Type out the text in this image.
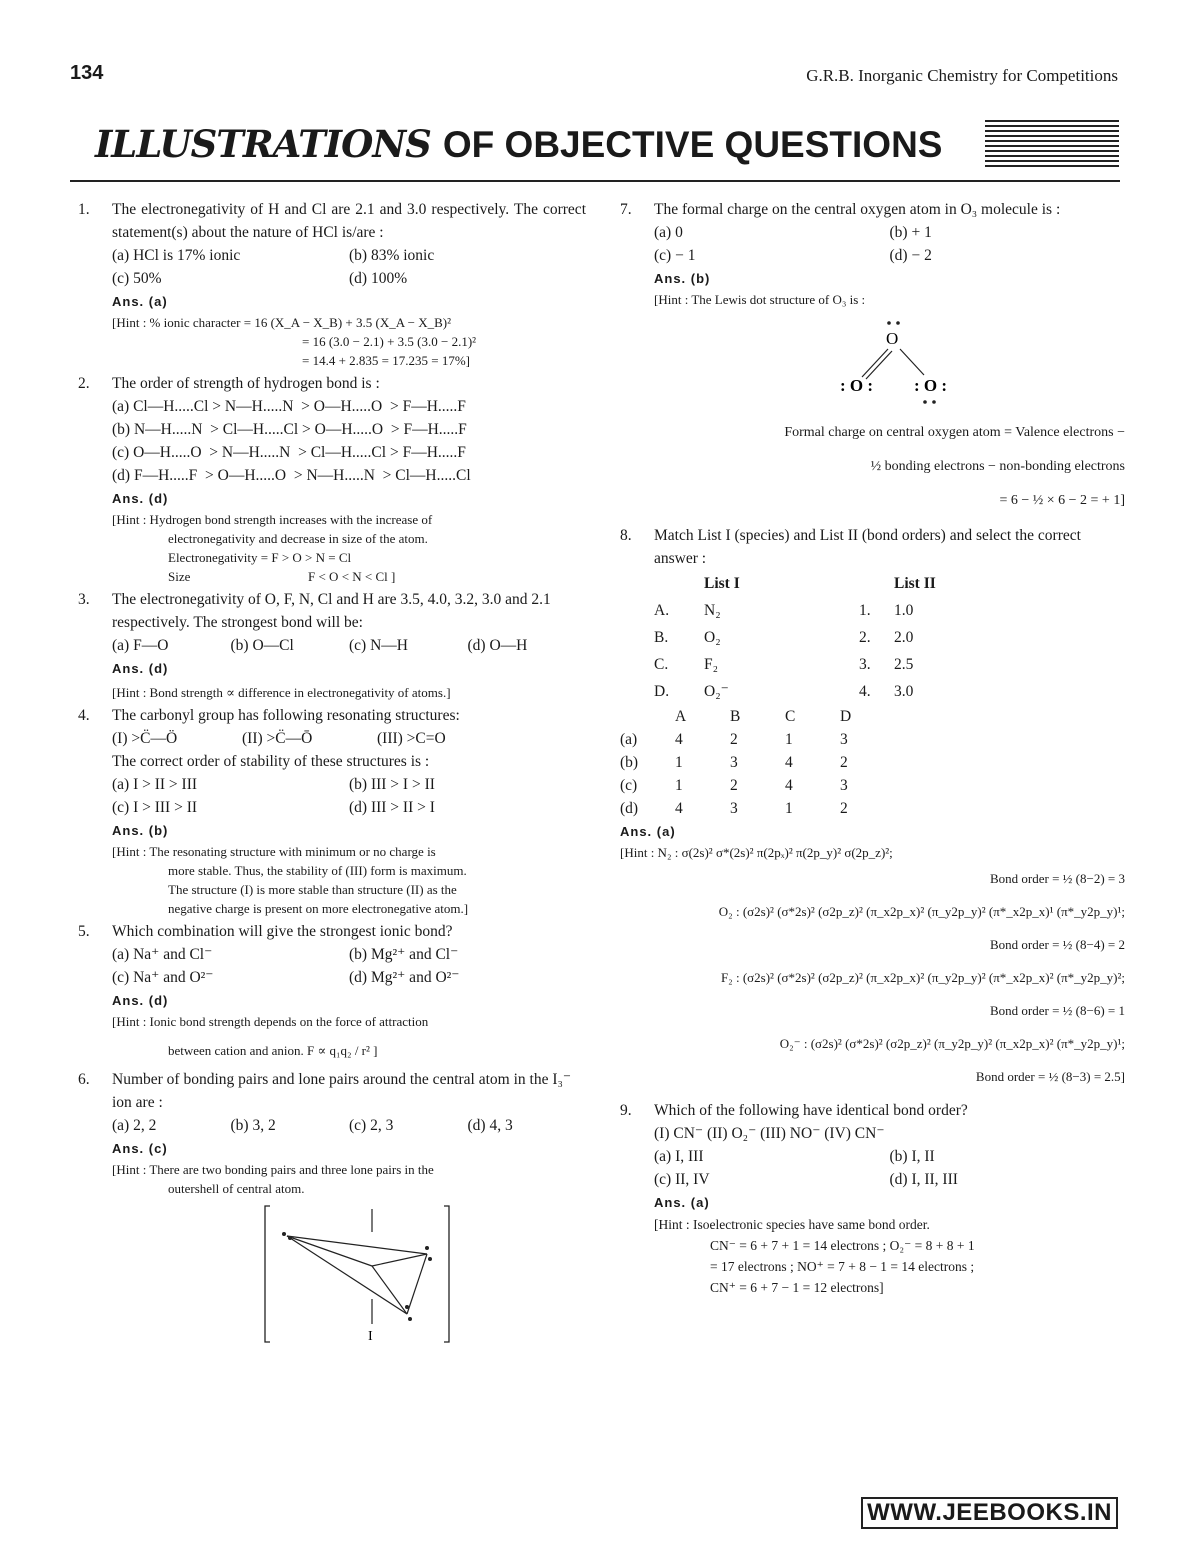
134	G.R.B. Inorganic Chemistry for Competitions
ILLUSTRATIONS OF OBJECTIVE QUESTIONS
1. The electronegativity of H and Cl are 2.1 and 3.0 respectively. The correct statement(s) about the nature of HCl is/are :
(a) HCl is 17% ionic	(b) 83% ionic
(c) 50%	(d) 100%
Ans. (a)
[Hint : % ionic character = 16 (X_A − X_B) + 3.5 (X_A − X_B)²
= 16 (3.0 − 2.1) + 3.5 (3.0 − 2.1)²
= 14.4 + 2.835 = 17.235 = 17%]
2. The order of strength of hydrogen bond is :
(a) Cl—H.....Cl > N—H.....N  > O—H.....O  > F—H.....F
(b) N—H.....N  > Cl—H.....Cl > O—H.....O  > F—H.....F
(c) O—H.....O  > N—H.....N  > Cl—H.....Cl > F—H.....F
(d) F—H.....F  > O—H.....O  > N—H.....N  > Cl—H.....Cl
Ans. (d)
[Hint : Hydrogen bond strength increases with the increase of
electronegativity and decrease in size of the atom.
Electronegativity = F > O > N = Cl
Size	F < O < N < Cl ]
3. The electronegativity of O, F, N, Cl and H are 3.5, 4.0, 3.2, 3.0 and 2.1 respectively. The strongest bond will be:
(a) F—O	(b) O—Cl	(c) N—H	(d) O—H
Ans. (d)
[Hint : Bond strength ∝ difference in electronegativity of atoms.]
4. The carbonyl group has following resonating structures:
(I) >C̈—Ö	(II) >C̈—Ō	(III) >C=O
The correct order of stability of these structures is :
(a) I > II > III	(b) III > I > II
(c) I > III > II	(d) III > II > I
Ans. (b)
[Hint : The resonating structure with minimum or no charge is
more stable. Thus, the stability of (III) form is maximum.
The structure (I) is more stable than structure (II) as the
negative charge is present on more electronegative atom.]
5. Which combination will give the strongest ionic bond?
(a) Na⁺ and Cl⁻	(b) Mg²⁺ and Cl⁻
(c) Na⁺ and O²⁻	(d) Mg²⁺ and O²⁻
Ans. (d)
[Hint : Ionic bond strength depends on the force of attraction
between cation and anion. F ∝ q₁q₂ / r² ]
6. Number of bonding pairs and lone pairs around the central atom in the I₃⁻ ion are :
(a) 2, 2	(b) 3, 2	(c) 2, 3	(d) 4, 3
Ans. (c)
[Hint : There are two bonding pairs and three lone pairs in the
outershell of central atom.
I
7. The formal charge on the central oxygen atom in O₃ molecule is :
(a) 0	(b) + 1
(c) − 1	(d) − 2
Ans. (b)
[Hint : The Lewis dot structure of O₃ is :
O
: O : : O :
Formal charge on central oxygen atom = Valence electrons −
½ bonding electrons − non-bonding electrons
= 6 − ½ × 6 − 2 = + 1]
8. Match List I (species) and List II (bond orders) and select the correct answer :
	List I		List II
A.	N₂	1.	1.0
B.	O₂	2.	2.0
C.	F₂	3.	2.5
D.	O₂⁻	4.	3.0
	A	B	C	D
(a)	4	2	1	3
(b)	1	3	4	2
(c)	1	2	4	3
(d)	4	3	1	2
Ans. (a)
[Hint : N₂ : σ(2s)² σ*(2s)² π(2pₓ)² π(2p_y)² σ(2p_z)²;
Bond order = ½ (8−2) = 3
O₂ : (σ2s)² (σ*2s)² (σ2p_z)² (π_x2p_x)² (π_y2p_y)² (π*_x2p_x)¹ (π*_y2p_y)¹;
Bond order = ½ (8−4) = 2
F₂ : (σ2s)² (σ*2s)² (σ2p_z)² (π_x2p_x)² (π_y2p_y)² (π*_x2p_x)² (π*_y2p_y)²;
Bond order = ½ (8−6) = 1
O₂⁻ : (σ2s)² (σ*2s)² (σ2p_z)² (π_y2p_y)² (π_x2p_x)² (π*_y2p_y)¹;
Bond order = ½ (8−3) = 2.5]
9. Which of the following have identical bond order?
(I) CN⁻ (II) O₂⁻ (III) NO⁻ (IV) CN⁻
(a) I, III	(b) I, II
(c) II, IV	(d) I, II, III
Ans. (a)
[Hint : Isoelectronic species have same bond order.
CN⁻ = 6 + 7 + 1 = 14 electrons ; O₂⁻ = 8 + 8 + 1
= 17 electrons ; NO⁺ = 7 + 8 − 1 = 14 electrons ;
CN⁺ = 6 + 7 − 1 = 12 electrons]
WWW.JEEBOOKS.IN
